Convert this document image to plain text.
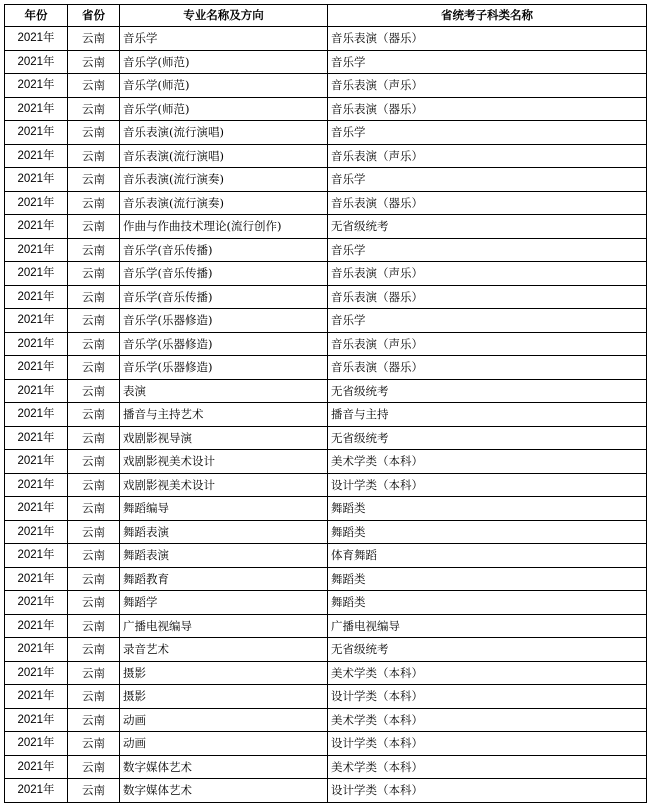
年份	省份	专业名称及方向	省统考子科类名称
2021年	云南	音乐学	音乐表演（器乐）
2021年	云南	音乐学(师范)	音乐学
2021年	云南	音乐学(师范)	音乐表演（声乐）
2021年	云南	音乐学(师范)	音乐表演（器乐）
2021年	云南	音乐表演(流行演唱)	音乐学
2021年	云南	音乐表演(流行演唱)	音乐表演（声乐）
2021年	云南	音乐表演(流行演奏)	音乐学
2021年	云南	音乐表演(流行演奏)	音乐表演（器乐）
2021年	云南	作曲与作曲技术理论(流行创作)	无省级统考
2021年	云南	音乐学(音乐传播)	音乐学
2021年	云南	音乐学(音乐传播)	音乐表演（声乐）
2021年	云南	音乐学(音乐传播)	音乐表演（器乐）
2021年	云南	音乐学(乐器修造)	音乐学
2021年	云南	音乐学(乐器修造)	音乐表演（声乐）
2021年	云南	音乐学(乐器修造)	音乐表演（器乐）
2021年	云南	表演	无省级统考
2021年	云南	播音与主持艺术	播音与主持
2021年	云南	戏剧影视导演	无省级统考
2021年	云南	戏剧影视美术设计	美术学类（本科）
2021年	云南	戏剧影视美术设计	设计学类（本科）
2021年	云南	舞蹈编导	舞蹈类
2021年	云南	舞蹈表演	舞蹈类
2021年	云南	舞蹈表演	体育舞蹈
2021年	云南	舞蹈教育	舞蹈类
2021年	云南	舞蹈学	舞蹈类
2021年	云南	广播电视编导	广播电视编导
2021年	云南	录音艺术	无省级统考
2021年	云南	摄影	美术学类（本科）
2021年	云南	摄影	设计学类（本科）
2021年	云南	动画	美术学类（本科）
2021年	云南	动画	设计学类（本科）
2021年	云南	数字媒体艺术	美术学类（本科）
2021年	云南	数字媒体艺术	设计学类（本科）
